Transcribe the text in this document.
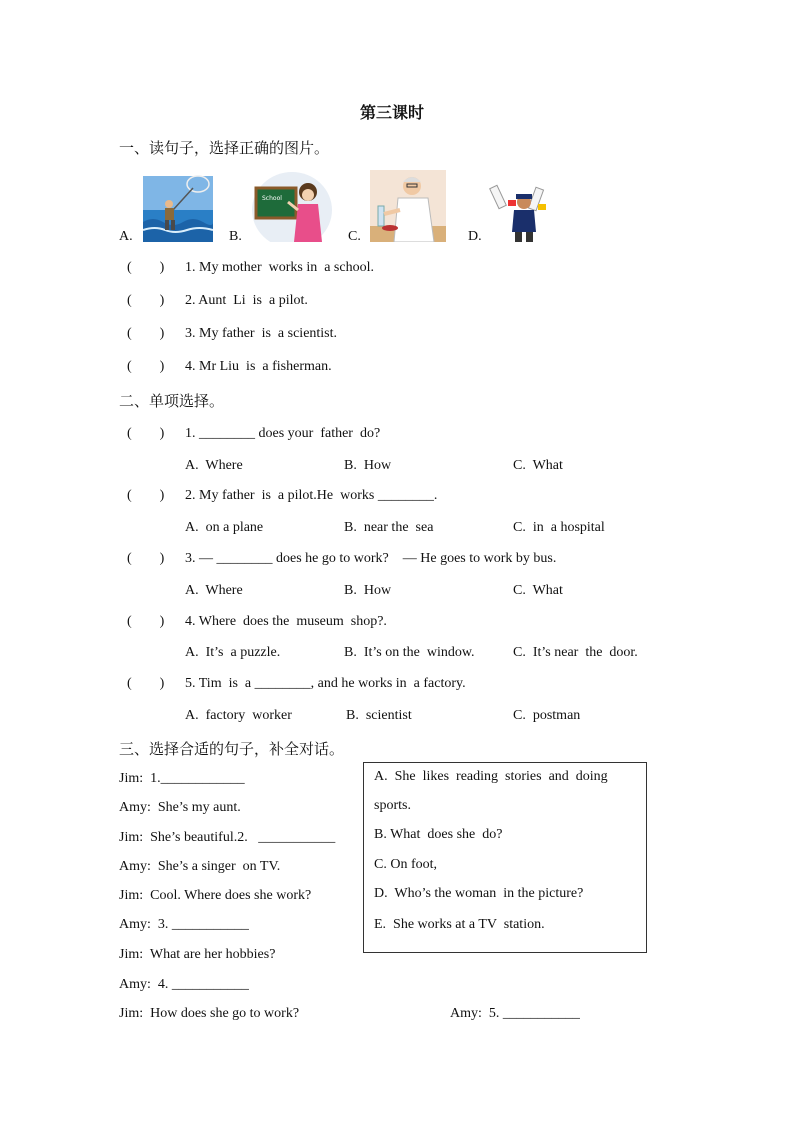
第三课时
一、读句子，选择正确的图片。
A.
School
B.	C.	D.
(        ) 1. My mother  works in  a school.
(        ) 2. Aunt  Li  is  a pilot.
(        ) 3. My father  is  a scientist.
(        ) 4. Mr Liu  is  a fisherman.
二、单项选择。
(        ) 1. ________ does your  father  do?
A.  Where	B.  How	C.  What
(        ) 2. My father  is  a pilot.He  works ________.
A.  on a plane	B.  near the  sea	C.  in  a hospital
(        ) 3. — ________ does he go to work?    — He goes to work by bus.
A.  Where	B.  How	C.  What
(        ) 4. Where  does the  museum  shop?.
A.  It’s  a puzzle.	B.  It’s on the  window.	C.  It’s near  the  door.
(        ) 5. Tim  is  a ________, and he works in  a factory.
A.  factory  worker	B.  scientist	C.  postman
三、选择合适的句子，补全对话。
Jim:  1.____________
Amy:  She’s my aunt.
Jim:  She’s beautiful.2.   ___________
Amy:  She’s a singer  on TV.
Jim:  Cool. Where does she work?
Amy:  3. ___________
Jim:  What are her hobbies?
Amy:  4. ___________
Jim:  How does she go to work?	Amy:  5. ___________
A.  She  likes  reading  stories  and  doing
sports.
B. What  does she  do?
C. On foot,
D.  Who’s the woman  in the picture?
E.  She works at a TV  station.
